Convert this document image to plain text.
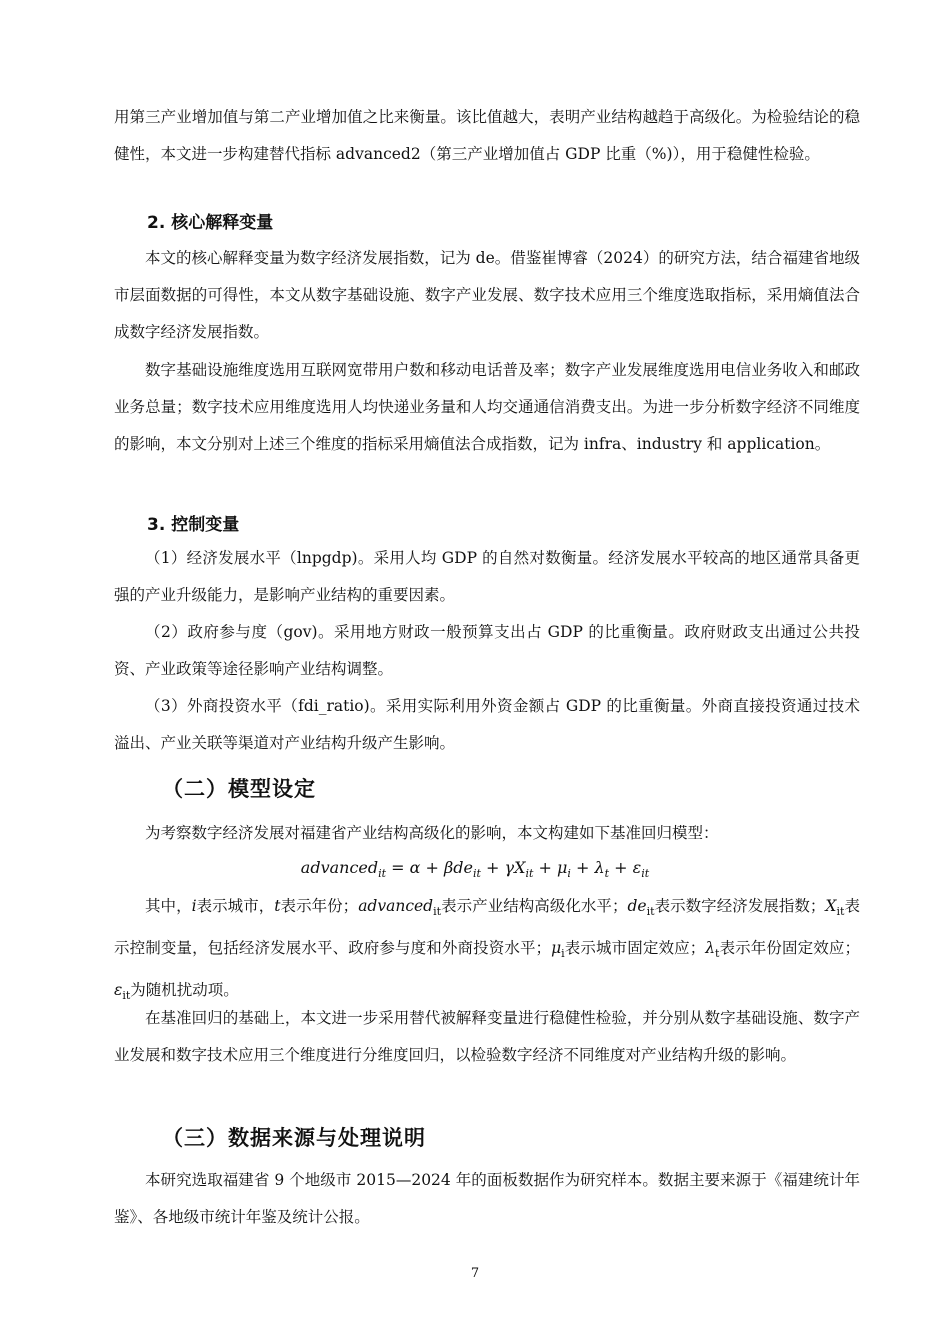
用第三产业增加值与第二产业增加值之比来衡量。该比值越大，表明产业结构越趋于高级化。为检验结论的稳健性，本文进一步构建替代指标 advanced2（第三产业增加值占 GDP 比重（%)），用于稳健性检验。

2. 核心解释变量

本文的核心解释变量为数字经济发展指数，记为 de。借鉴崔博睿（2024）的研究方法，结合福建省地级市层面数据的可得性，本文从数字基础设施、数字产业发展、数字技术应用三个维度选取指标，采用熵值法合成数字经济发展指数。

数字基础设施维度选用互联网宽带用户数和移动电话普及率；数字产业发展维度选用电信业务收入和邮政业务总量；数字技术应用维度选用人均快递业务量和人均交通通信消费支出。为进一步分析数字经济不同维度的影响，本文分别对上述三个维度的指标采用熵值法合成指数，记为 infra、industry 和 application。

3. 控制变量

（1）经济发展水平（lnpgdp)。采用人均 GDP 的自然对数衡量。经济发展水平较高的地区通常具备更强的产业升级能力，是影响产业结构的重要因素。

（2）政府参与度（gov)。采用地方财政一般预算支出占 GDP 的比重衡量。政府财政支出通过公共投资、产业政策等途径影响产业结构调整。

（3）外商投资水平（fdi_ratio)。采用实际利用外资金额占 GDP 的比重衡量。外商直接投资通过技术溢出、产业关联等渠道对产业结构升级产生影响。

（二）模型设定

为考察数字经济发展对福建省产业结构高级化的影响，本文构建如下基准回归模型：

advanced$_{it}$ = $\alpha + \beta de_{it} + \gamma X_{it} + \mu_i + \lambda_t + \varepsilon_{it}$

其中，i表示城市，t表示年份；advanced$_{it}$表示产业结构高级化水平；$de_{it}$表示数字经济发展指数；$X_{it}$表示控制变量，包括经济发展水平、政府参与度和外商投资水平；$\mu_i$表示城市固定效应；$\lambda_t$表示年份固定效应；$\varepsilon_{it}$为随机扰动项。

在基准回归的基础上，本文进一步采用替代被解释变量进行稳健性检验，并分别从数字基础设施、数字产业发展和数字技术应用三个维度进行分维度回归，以检验数字经济不同维度对产业结构升级的影响。

（三）数据来源与处理说明

本研究选取福建省 9 个地级市 2015—2024 年的面板数据作为研究样本。数据主要来源于《福建统计年鉴》、各地级市统计年鉴及统计公报。

7
